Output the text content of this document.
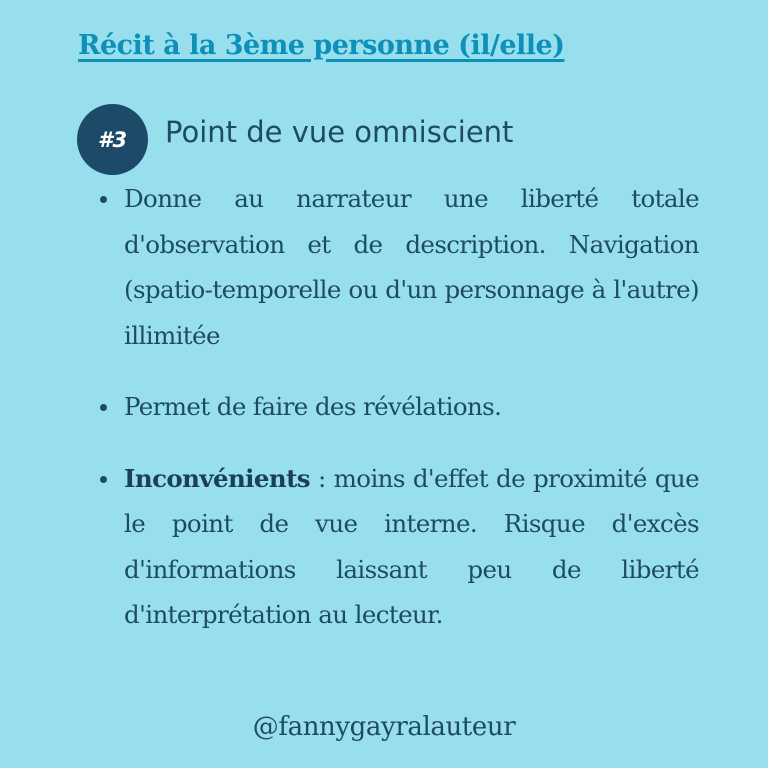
Récit à la 3ème personne (il/elle)
#3	Point de vue omniscient
Donne au narrateur une liberté totale d'observation et de description. Navigation (spatio-temporelle ou d'un personnage à l'autre) illimitée
Permet de faire des révélations.
Inconvénients : moins d'effet de proximité que le point de vue interne. Risque d'excès d'informations laissant peu de liberté d'interprétation au lecteur.
@fannygayralauteur
